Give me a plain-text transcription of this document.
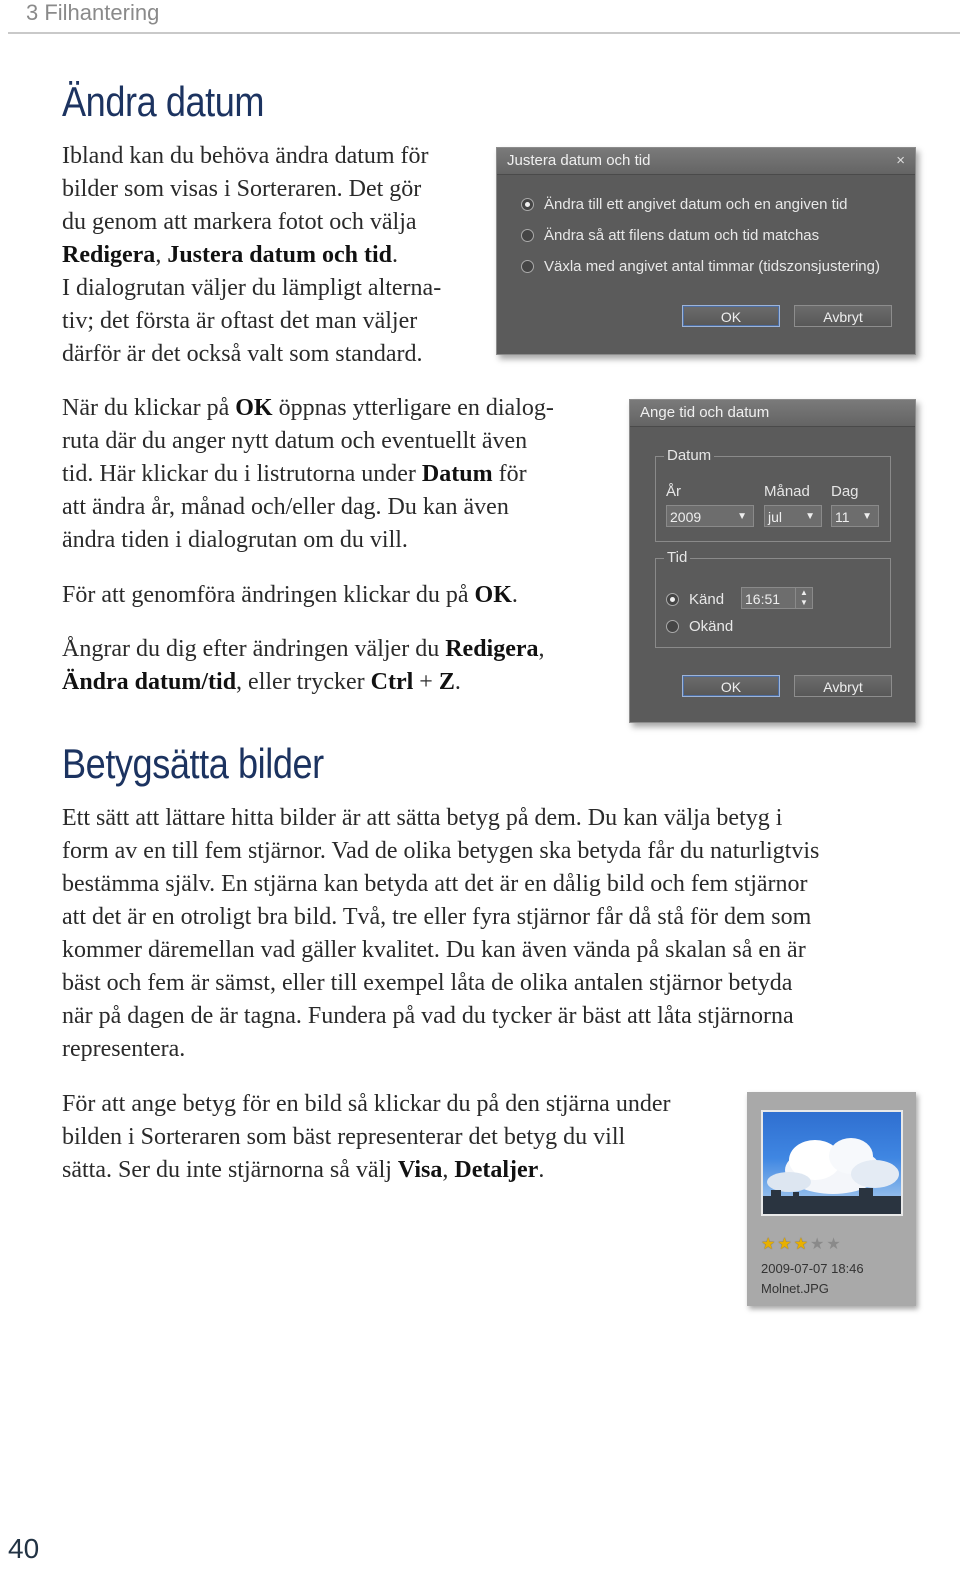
3 Filhantering
Ändra datum
Ibland kan du behöva ändra datum för
bilder som visas i Sorteraren. Det gör
du genom att markera fotot och välja
Redigera, Justera datum och tid.
I dialogrutan väljer du lämpligt alterna-
tiv; det första är oftast det man väljer
därför är det också valt som standard.
När du klickar på OK öppnas ytterligare en dialog-
ruta där du anger nytt datum och eventuellt även
tid. Här klickar du i listrutorna under Datum för
att ändra år, månad och/eller dag. Du kan även
ändra tiden i dialogrutan om du vill.
För att genomföra ändringen klickar du på OK.
Ångrar du dig efter ändringen väljer du Redigera,
Ändra datum/tid, eller trycker Ctrl + Z.
Justera datum och tid	×
Ändra till ett angivet datum och en angiven tid
Ändra så att filens datum och tid matchas
Växla med angivet antal timmar (tidszonsjustering)
OK	Avbryt
Ange tid och datum
Datum
År	Månad Dag
2009	▼ jul ▼ 11 ▼
Tid
Känd
Okänd
16:51	▲
▼
OK	Avbryt
Betygsätta bilder
Ett sätt att lättare hitta bilder är att sätta betyg på dem. Du kan välja betyg i
form av en till fem stjärnor. Vad de olika betygen ska betyda får du naturligtvis
bestämma själv. En stjärna kan betyda att det är en dålig bild och fem stjärnor
att det är en otroligt bra bild. Två, tre eller fyra stjärnor får då stå för dem som
kommer däremellan vad gäller kvalitet. Du kan även vända på skalan så en är
bäst och fem är sämst, eller till exempel låta de olika antalen stjärnor betyda
när på dagen de är tagna. Fundera på vad du tycker är bäst att låta stjärnorna
representera.
För att ange betyg för en bild så klickar du på den stjärna under
bilden i Sorteraren som bäst representerar det betyg du vill
sätta. Ser du inte stjärnorna så välj Visa, Detaljer.
★★★★★
2009-07-07 18:46
Molnet.JPG
40
